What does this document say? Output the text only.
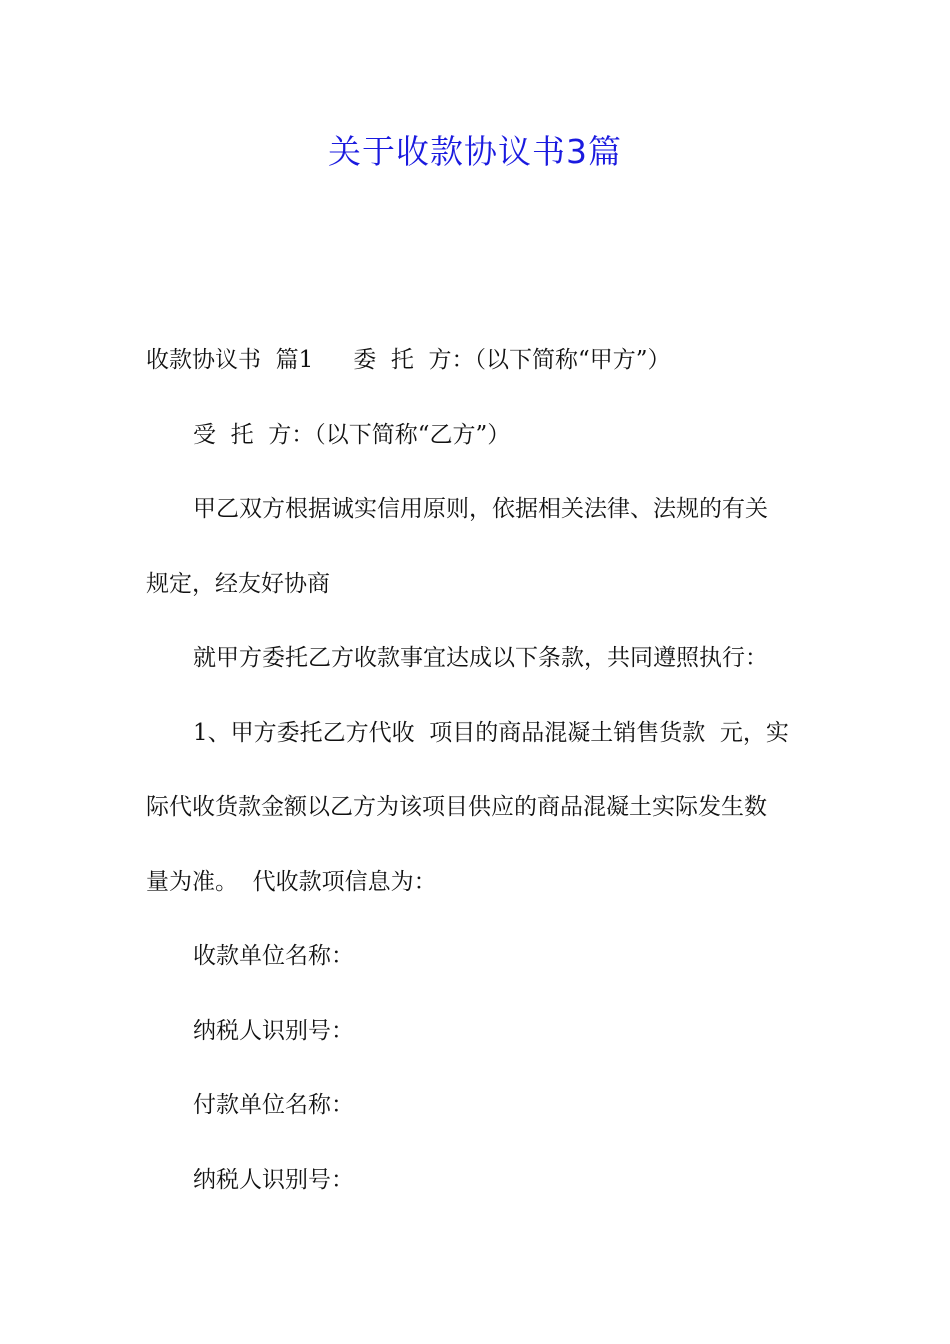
关于收款协议书3篇
收款协议书  篇1 委  托  方：（以下简称“甲方”）
受  托  方：（以下简称“乙方”）
甲乙双方根据诚实信用原则，依据相关法律、法规的有关
规定，经友好协商
就甲方委托乙方收款事宜达成以下条款，共同遵照执行：
1、甲方委托乙方代收  项目的商品混凝土销售货款  元，实
际代收货款金额以乙方为该项目供应的商品混凝土实际发生数
量为准。  代收款项信息为：
收款单位名称：
纳税人识别号：
付款单位名称：
纳税人识别号：
